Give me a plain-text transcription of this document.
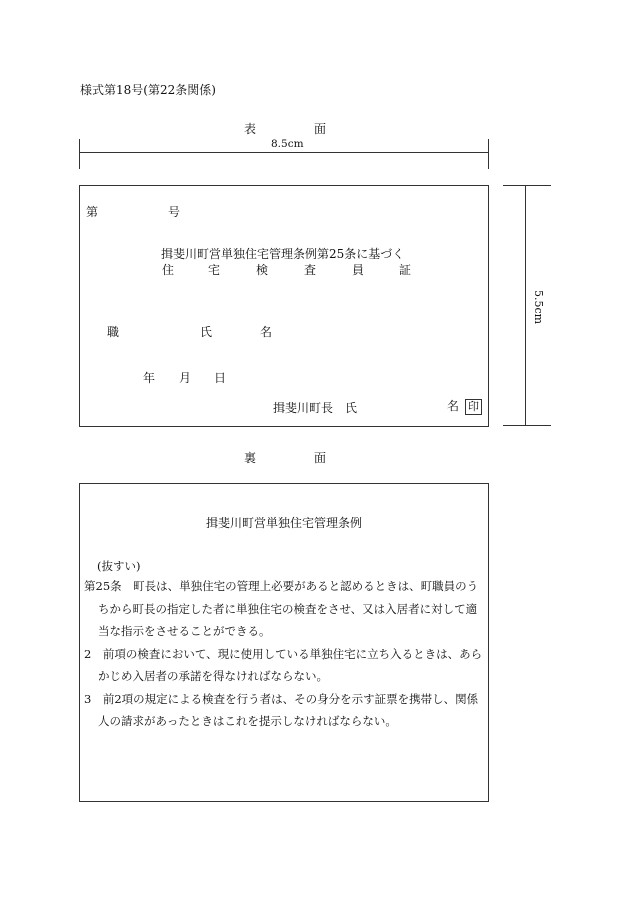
様式第18号(第22条関係)
表	面
8.5cm
5.5cm
第	号
揖斐川町営単独住宅管理条例第25条に基づく
住	宅	検	査	員	証
職	氏	名
年 月 日
揖斐川町長　氏	名 印
裏	面
揖斐川町営単独住宅管理条例
(抜すい)

第25条　町長は、単独住宅の管理上必要があると認めるときは、町職員のうちから町長の指定した者に単独住宅の検査をさせ、又は入居者に対して適当な指示をさせることができる。

2　前項の検査において、現に使用している単独住宅に立ち入るときは、あらかじめ入居者の承諾を得なければならない。

3　前2項の規定による検査を行う者は、その身分を示す証票を携帯し、関係人の請求があったときはこれを提示しなければならない。
